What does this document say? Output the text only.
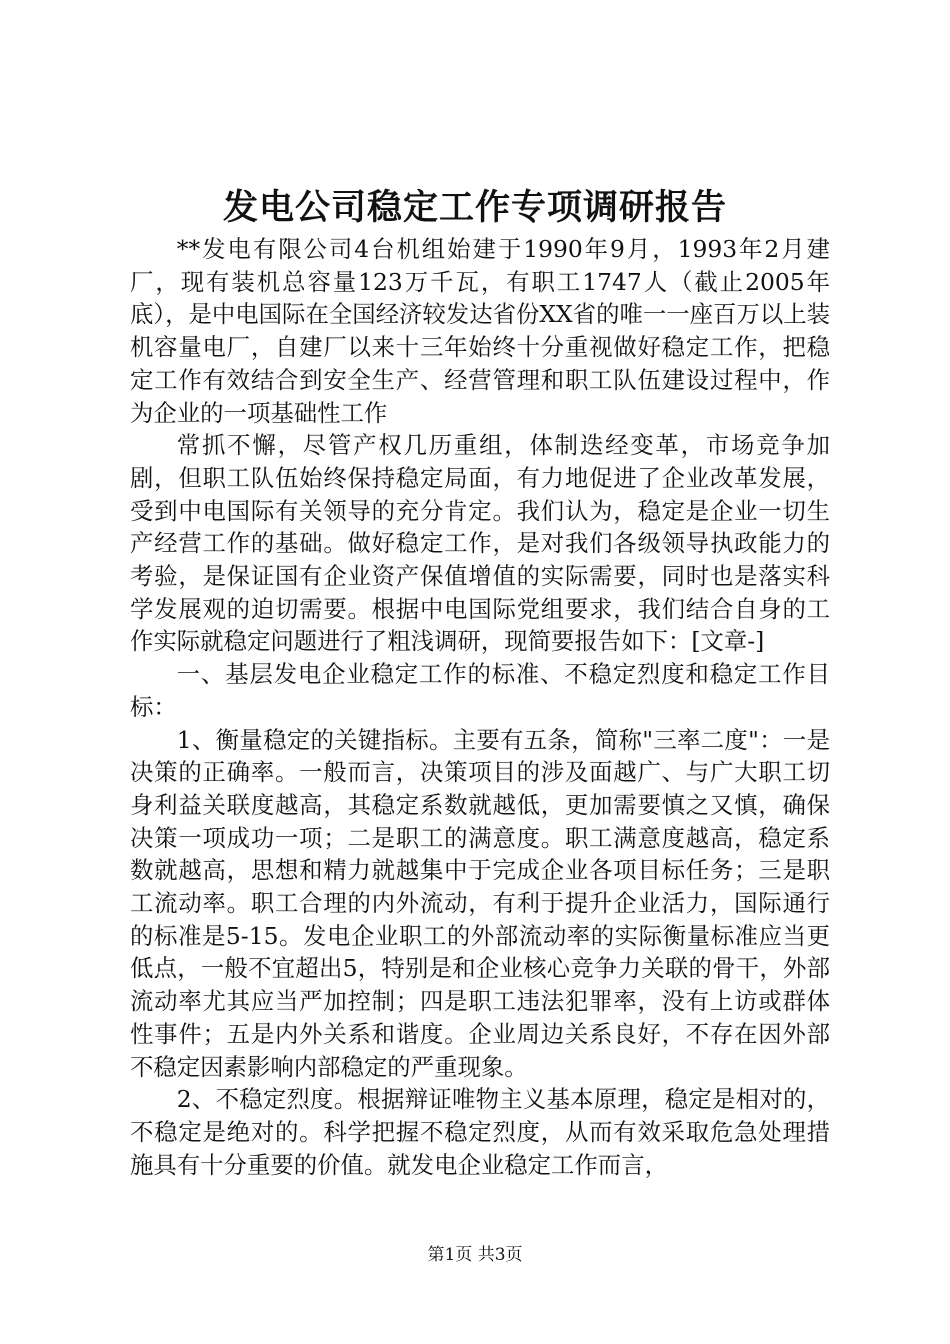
发电公司稳定工作专项调研报告

**发电有限公司4台机组始建于1990年9月，1993年2月建厂，现有装机总容量123万千瓦，有职工1747人（截止2005年底），是中电国际在全国经济较发达省份XX省的唯一一座百万以上装机容量电厂，自建厂以来十三年始终十分重视做好稳定工作，把稳定工作有效结合到安全生产、经营管理和职工队伍建设过程中，作为企业的一项基础性工作

常抓不懈，尽管产权几历重组，体制迭经变革，市场竞争加剧，但职工队伍始终保持稳定局面，有力地促进了企业改革发展，受到中电国际有关领导的充分肯定。我们认为，稳定是企业一切生产经营工作的基础。做好稳定工作，是对我们各级领导执政能力的考验，是保证国有企业资产保值增值的实际需要，同时也是落实科学发展观的迫切需要。根据中电国际党组要求，我们结合自身的工作实际就稳定问题进行了粗浅调研，现简要报告如下：[文章-]

一、基层发电企业稳定工作的标准、不稳定烈度和稳定工作目标：

1、衡量稳定的关键指标。主要有五条，简称"三率二度"：一是决策的正确率。一般而言，决策项目的涉及面越广、与广大职工切身利益关联度越高，其稳定系数就越低，更加需要慎之又慎，确保决策一项成功一项；二是职工的满意度。职工满意度越高，稳定系数就越高，思想和精力就越集中于完成企业各项目标任务；三是职工流动率。职工合理的内外流动，有利于提升企业活力，国际通行的标准是5-15。发电企业职工的外部流动率的实际衡量标准应当更低点，一般不宜超出5，特别是和企业核心竞争力关联的骨干，外部流动率尤其应当严加控制；四是职工违法犯罪率，没有上访或群体性事件；五是内外关系和谐度。企业周边关系良好，不存在因外部不稳定因素影响内部稳定的严重现象。

2、不稳定烈度。根据辩证唯物主义基本原理，稳定是相对的，不稳定是绝对的。科学把握不稳定烈度，从而有效采取危急处理措施具有十分重要的价值。就发电企业稳定工作而言，

第1页 共3页
